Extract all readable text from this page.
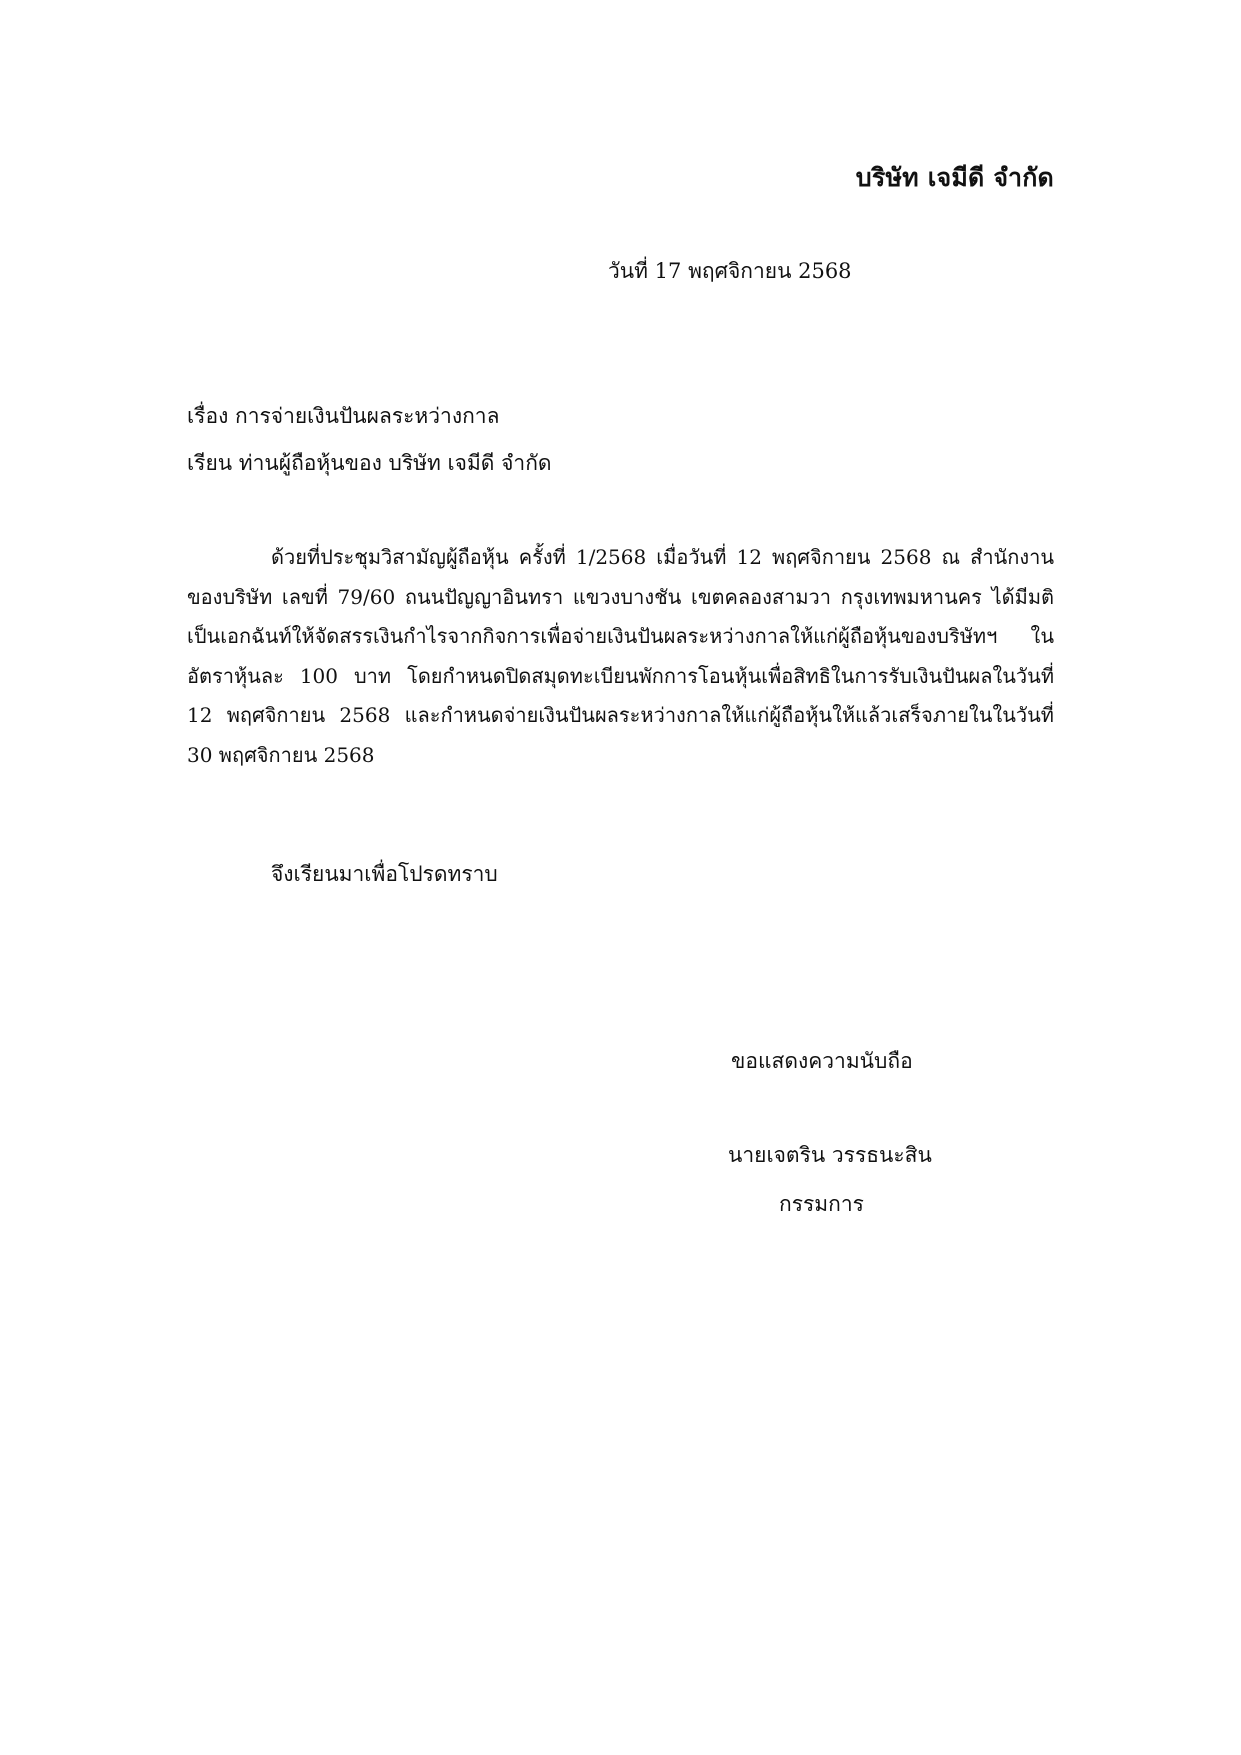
บริษัท เจมีดี จำกัด
วันที่ 17 พฤศจิกายน 2568
เรื่อง การจ่ายเงินปันผลระหว่างกาล
เรียน ท่านผู้ถือหุ้นของ บริษัท เจมีดี จำกัด

ด้วยที่ประชุมวิสามัญผู้ถือหุ้น ครั้งที่ 1/2568 เมื่อวันที่ 12 พฤศจิกายน 2568 ณ สำนักงานของบริษัท เลขที่ 79/60 ถนนปัญญาอินทรา แขวงบางชัน เขตคลองสามวา กรุงเทพมหานคร ได้มีมติเป็นเอกฉันท์ให้จัดสรรเงินกำไรจากกิจการเพื่อจ่ายเงินปันผลระหว่างกาลให้แก่ผู้ถือหุ้นของบริษัทฯ ในอัตราหุ้นละ 100 บาท โดยกำหนดปิดสมุดทะเบียนพักการโอนหุ้นเพื่อสิทธิในการรับเงินปันผลในวันที่ 12 พฤศจิกายน 2568 และกำหนดจ่ายเงินปันผลระหว่างกาลให้แก่ผู้ถือหุ้นให้แล้วเสร็จภายในในวันที่ 30 พฤศจิกายน 2568

จึงเรียนมาเพื่อโปรดทราบ
ขอแสดงความนับถือ
นายเจตริน วรรธนะสิน
กรรมการ
